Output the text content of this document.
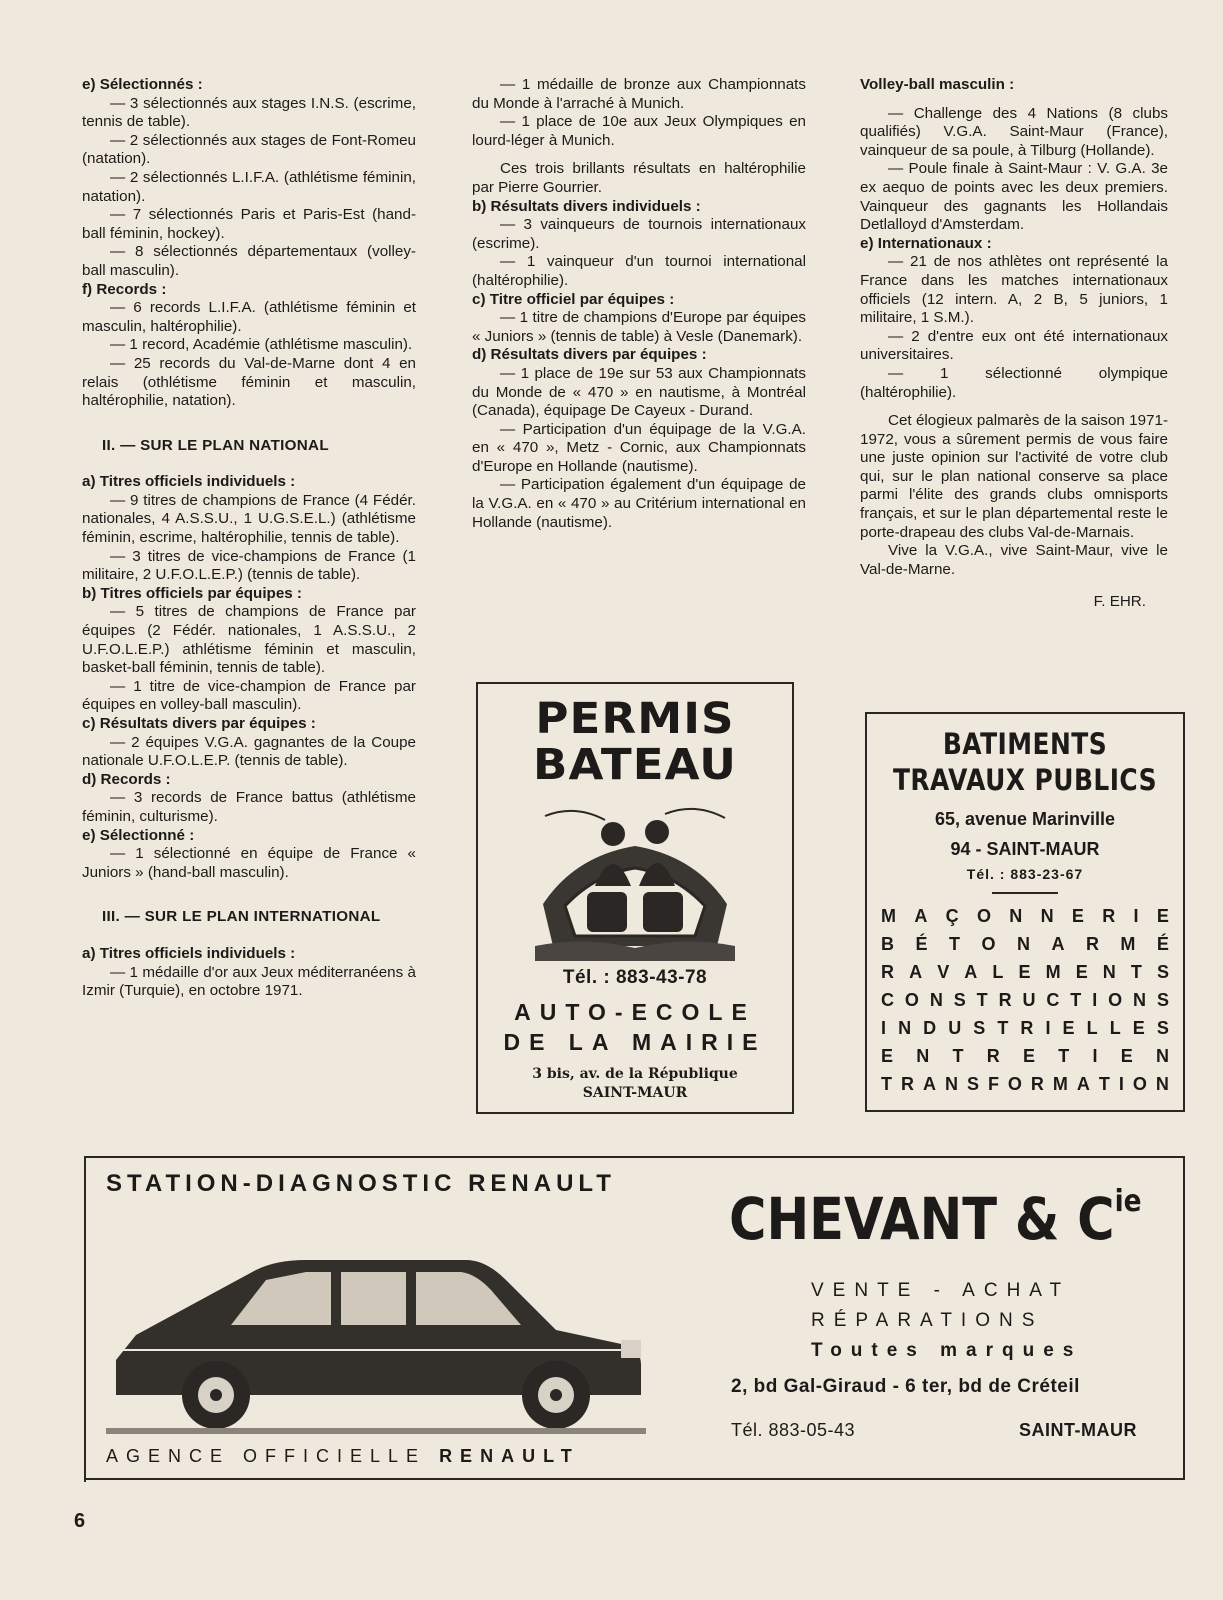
e) Sélectionnés :

— 3 sélectionnés aux stages I.N.S. (escrime, tennis de table).

— 2 sélectionnés aux stages de Font-Romeu (natation).

— 2 sélectionnés L.I.F.A. (athlétisme féminin, natation).

— 7 sélectionnés Paris et Paris-Est (hand-ball féminin, hockey).

— 8 sélectionnés départementaux (volley-ball masculin).

f) Records :

— 6 records L.I.F.A. (athlétisme féminin et masculin, haltérophilie).

— 1 record, Académie (athlétisme masculin).

— 25 records du Val-de-Marne dont 4 en relais (othlétisme féminin et masculin, haltérophilie, natation).

II. — SUR LE PLAN NATIONAL

a) Titres officiels individuels :

— 9 titres de champions de France (4 Fédér. nationales, 4 A.S.S.U., 1 U.G.S.E.L.) (athlétisme féminin, escrime, haltérophilie, tennis de table).

— 3 titres de vice-champions de France (1 militaire, 2 U.F.O.L.E.P.) (tennis de table).

b) Titres officiels par équipes :

— 5 titres de champions de France par équipes (2 Fédér. nationales, 1 A.S.S.U., 2 U.F.O.L.E.P.) athlétisme féminin et masculin, basket-ball féminin, tennis de table).

— 1 titre de vice-champion de France par équipes en volley-ball masculin).

c) Résultats divers par équipes :

— 2 équipes V.G.A. gagnantes de la Coupe nationale U.F.O.L.E.P. (tennis de table).

d) Records :

— 3 records de France battus (athlétisme féminin, culturisme).

e) Sélectionné :

— 1 sélectionné en équipe de France « Juniors » (hand-ball masculin).

III. — SUR LE PLAN INTERNATIONAL

a) Titres officiels individuels :

— 1 médaille d'or aux Jeux méditerranéens à Izmir (Turquie), en octobre 1971.

— 1 médaille de bronze aux Championnats du Monde à l'arraché à Munich.

— 1 place de 10e aux Jeux Olympiques en lourd-léger à Munich.

Ces trois brillants résultats en haltérophilie par Pierre Gourrier.

b) Résultats divers individuels :

— 3 vainqueurs de tournois internationaux (escrime).

— 1 vainqueur d'un tournoi international (haltérophilie).

c) Titre officiel par équipes :

— 1 titre de champions d'Europe par équipes « Juniors » (tennis de table) à Vesle (Danemark).

d) Résultats divers par équipes :

— 1 place de 19e sur 53 aux Championnats du Monde de « 470 » en nautisme, à Montréal (Canada), équipage De Cayeux - Durand.

— Participation d'un équipage de la V.G.A. en « 470 », Metz - Cornic, aux Championnats d'Europe en Hollande (nautisme).

— Participation également d'un équipage de la V.G.A. en « 470 » au Critérium international en Hollande (nautisme).

Volley-ball masculin :

— Challenge des 4 Nations (8 clubs qualifiés) V.G.A. Saint-Maur (France), vainqueur de sa poule, à Tilburg (Hollande).

— Poule finale à Saint-Maur : V. G.A. 3e ex aequo de points avec les deux premiers. Vainqueur des gagnants les Hollandais Detlalloyd d'Amsterdam.

e) Internationaux :

— 21 de nos athlètes ont représenté la France dans les matches internationaux officiels (12 intern. A, 2 B, 5 juniors, 1 militaire, 1 S.M.).

— 2 d'entre eux ont été internationaux universitaires.

— 1 sélectionné olympique (haltérophilie).

Cet élogieux palmarès de la saison 1971-1972, vous a sûrement permis de vous faire une juste opinion sur l'activité de votre club qui, sur le plan national conserve sa place parmi l'élite des grands clubs omnisports français, et sur le plan départemental reste le porte-drapeau des clubs Val-de-Marnais.

Vive la V.G.A., vive Saint-Maur, vive le Val-de-Marne.

F. EHR.

PERMIS
BATEAU
Tél. : 883-43-78
AUTO-ECOLE
DE LA MAIRIE
3 bis, av. de la République
SAINT-MAUR
BATIMENTS
TRAVAUX PUBLICS
65, avenue Marinville
94 - SAINT-MAUR
Tél. : 883-23-67
M A Ç O N N E R I E
B É T O N A R M É
R A V A L E M E N T S
C O N S T R U C T I O N S
I N D U S T R I E L L E S
E N T R E T I E N
T R A N S F O R M A T I O N
STATION-DIAGNOSTIC RENAULT
AGENCE OFFICIELLE RENAULT
CHEVANT & $C^{ie}$
VENTE - ACHAT
RÉPARATIONS
Toutes marques
2, bd Gal-Giraud - 6 ter, bd de Créteil
Tél. 883-05-43	SAINT-MAUR
6
